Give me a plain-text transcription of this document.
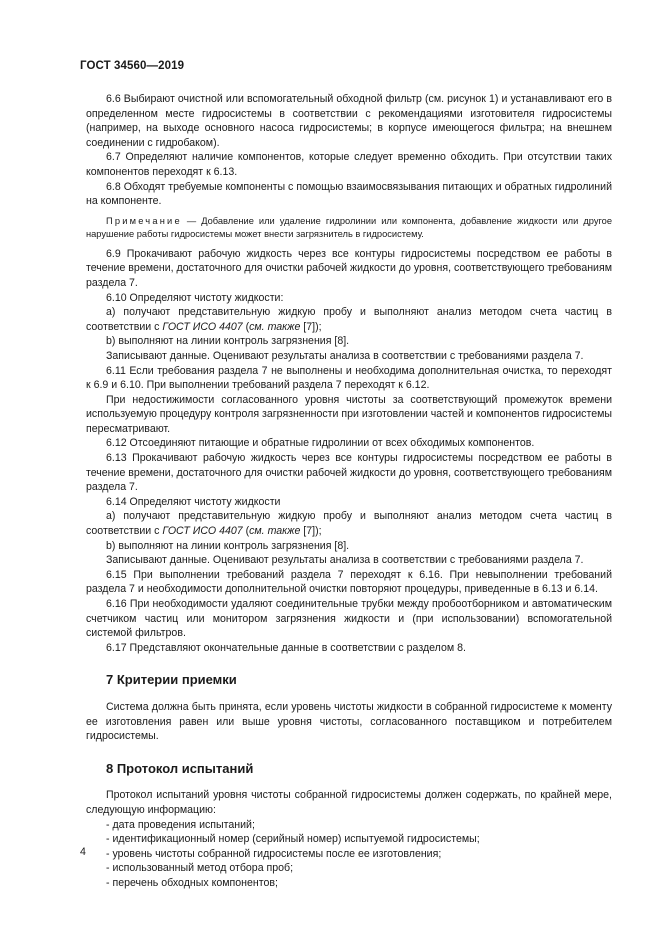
ГОСТ 34560—2019

6.6 Выбирают очистной или вспомогательный обходной фильтр (см. рисунок 1) и устанавливают его в определенном месте гидросистемы в соответствии с рекомендациями изготовителя гидросистемы (например, на выходе основного насоса гидросистемы; в корпусе имеющегося фильтра; на внешнем соединении с гидробаком).

6.7 Определяют наличие компонентов, которые следует временно обходить. При отсутствии таких компонентов переходят к 6.13.

6.8 Обходят требуемые компоненты с помощью взаимосвязывания питающих и обратных гидролиний на компоненте.

Примечание — Добавление или удаление гидролинии или компонента, добавление жидкости или другое нарушение работы гидросистемы может внести загрязнитель в гидросистему.

6.9 Прокачивают рабочую жидкость через все контуры гидросистемы посредством ее работы в течение времени, достаточного для очистки рабочей жидкости до уровня, соответствующего требованиям раздела 7.

6.10 Определяют чистоту жидкости:

a) получают представительную жидкую пробу и выполняют анализ методом счета частиц в соответствии с ГОСТ ИСО 4407 (см. также [7]);

b) выполняют на линии контроль загрязнения [8].

Записывают данные. Оценивают результаты анализа в соответствии с требованиями раздела 7.

6.11 Если требования раздела 7 не выполнены и необходима дополнительная очистка, то переходят к 6.9 и 6.10. При выполнении требований раздела 7 переходят к 6.12.

При недостижимости согласованного уровня чистоты за соответствующий промежуток времени используемую процедуру контроля загрязненности при изготовлении частей и компонентов гидросистемы пересматривают.

6.12 Отсоединяют питающие и обратные гидролинии от всех обходимых компонентов.

6.13 Прокачивают рабочую жидкость через все контуры гидросистемы посредством ее работы в течение времени, достаточного для очистки рабочей жидкости до уровня, соответствующего требованиям раздела 7.

6.14 Определяют чистоту жидкости

a) получают представительную жидкую пробу и выполняют анализ методом счета частиц в соответствии с ГОСТ ИСО 4407 (см. также [7]);

b) выполняют на линии контроль загрязнения [8].

Записывают данные. Оценивают результаты анализа в соответствии с требованиями раздела 7.

6.15 При выполнении требований раздела 7 переходят к 6.16. При невыполнении требований раздела 7 и необходимости дополнительной очистки повторяют процедуры, приведенные в 6.13 и 6.14.

6.16 При необходимости удаляют соединительные трубки между пробоотборником и автоматическим счетчиком частиц или монитором загрязнения жидкости и (при использовании) вспомогательной системой фильтров.

6.17 Представляют окончательные данные в соответствии с разделом 8.

7 Критерии приемки

Система должна быть принята, если уровень чистоты жидкости в собранной гидросистеме к моменту ее изготовления равен или выше уровня чистоты, согласованного поставщиком и потребителем гидросистемы.

8 Протокол испытаний

Протокол испытаний уровня чистоты собранной гидросистемы должен содержать, по крайней мере, следующую информацию:

- дата проведения испытаний;

- идентификационный номер (серийный номер) испытуемой гидросистемы;

- уровень чистоты собранной гидросистемы после ее изготовления;

- использованный метод отбора проб;

- перечень обходных компонентов;

4
